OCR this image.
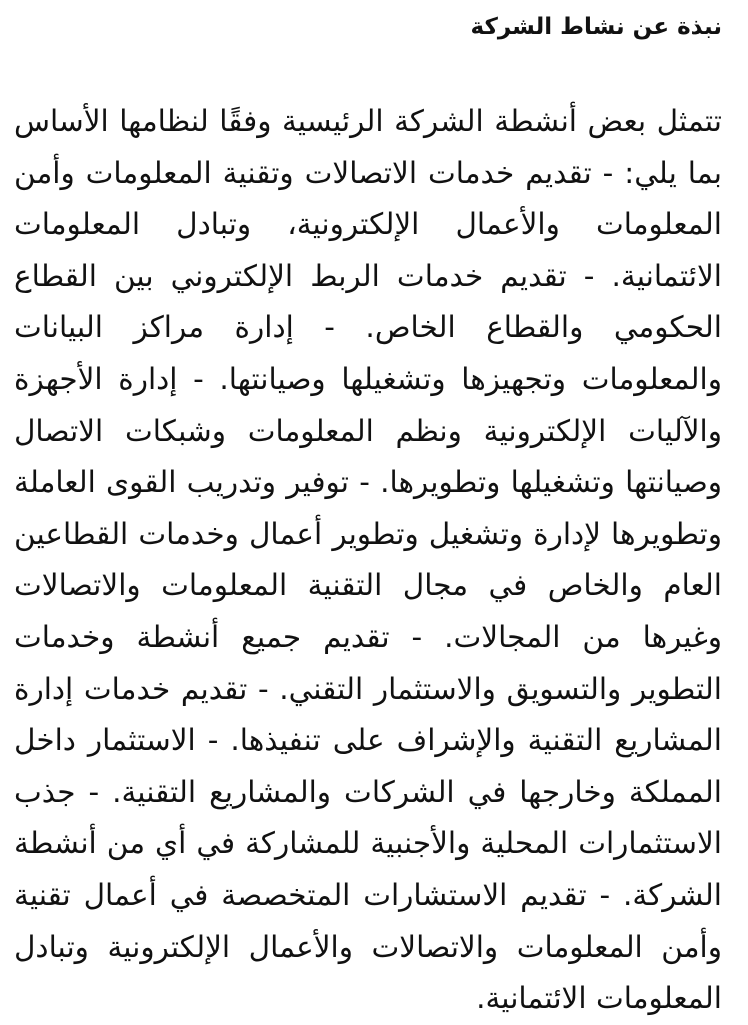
نبذة عن نشاط الشركة
تتمثل بعض أنشطة الشركة الرئيسية وفقًا لنظامها الأساس
بما يلي: - تقديم خدمات الاتصالات وتقنية المعلومات وأمن
المعلومات والأعمال الإلكترونية، وتبادل المعلومات
الائتمانية. - تقديم خدمات الربط الإلكتروني بين القطاع
الحكومي والقطاع الخاص. - إدارة مراكز البيانات
والمعلومات وتجهيزها وتشغيلها وصيانتها. - إدارة الأجهزة
والآليات الإلكترونية ونظم المعلومات وشبكات الاتصال
وصيانتها وتشغيلها وتطويرها. - توفير وتدريب القوى العاملة
وتطويرها لإدارة وتشغيل وتطوير أعمال وخدمات القطاعين
العام والخاص في مجال التقنية المعلومات والاتصالات
وغيرها من المجالات. - تقديم جميع أنشطة وخدمات
التطوير والتسويق والاستثمار التقني. - تقديم خدمات إدارة
المشاريع التقنية والإشراف على تنفيذها. - الاستثمار داخل
المملكة وخارجها في الشركات والمشاريع التقنية. - جذب
الاستثمارات المحلية والأجنبية للمشاركة في أي من أنشطة
الشركة. - تقديم الاستشارات المتخصصة في أعمال تقنية
وأمن المعلومات والاتصالات والأعمال الإلكترونية وتبادل
المعلومات الائتمانية.
